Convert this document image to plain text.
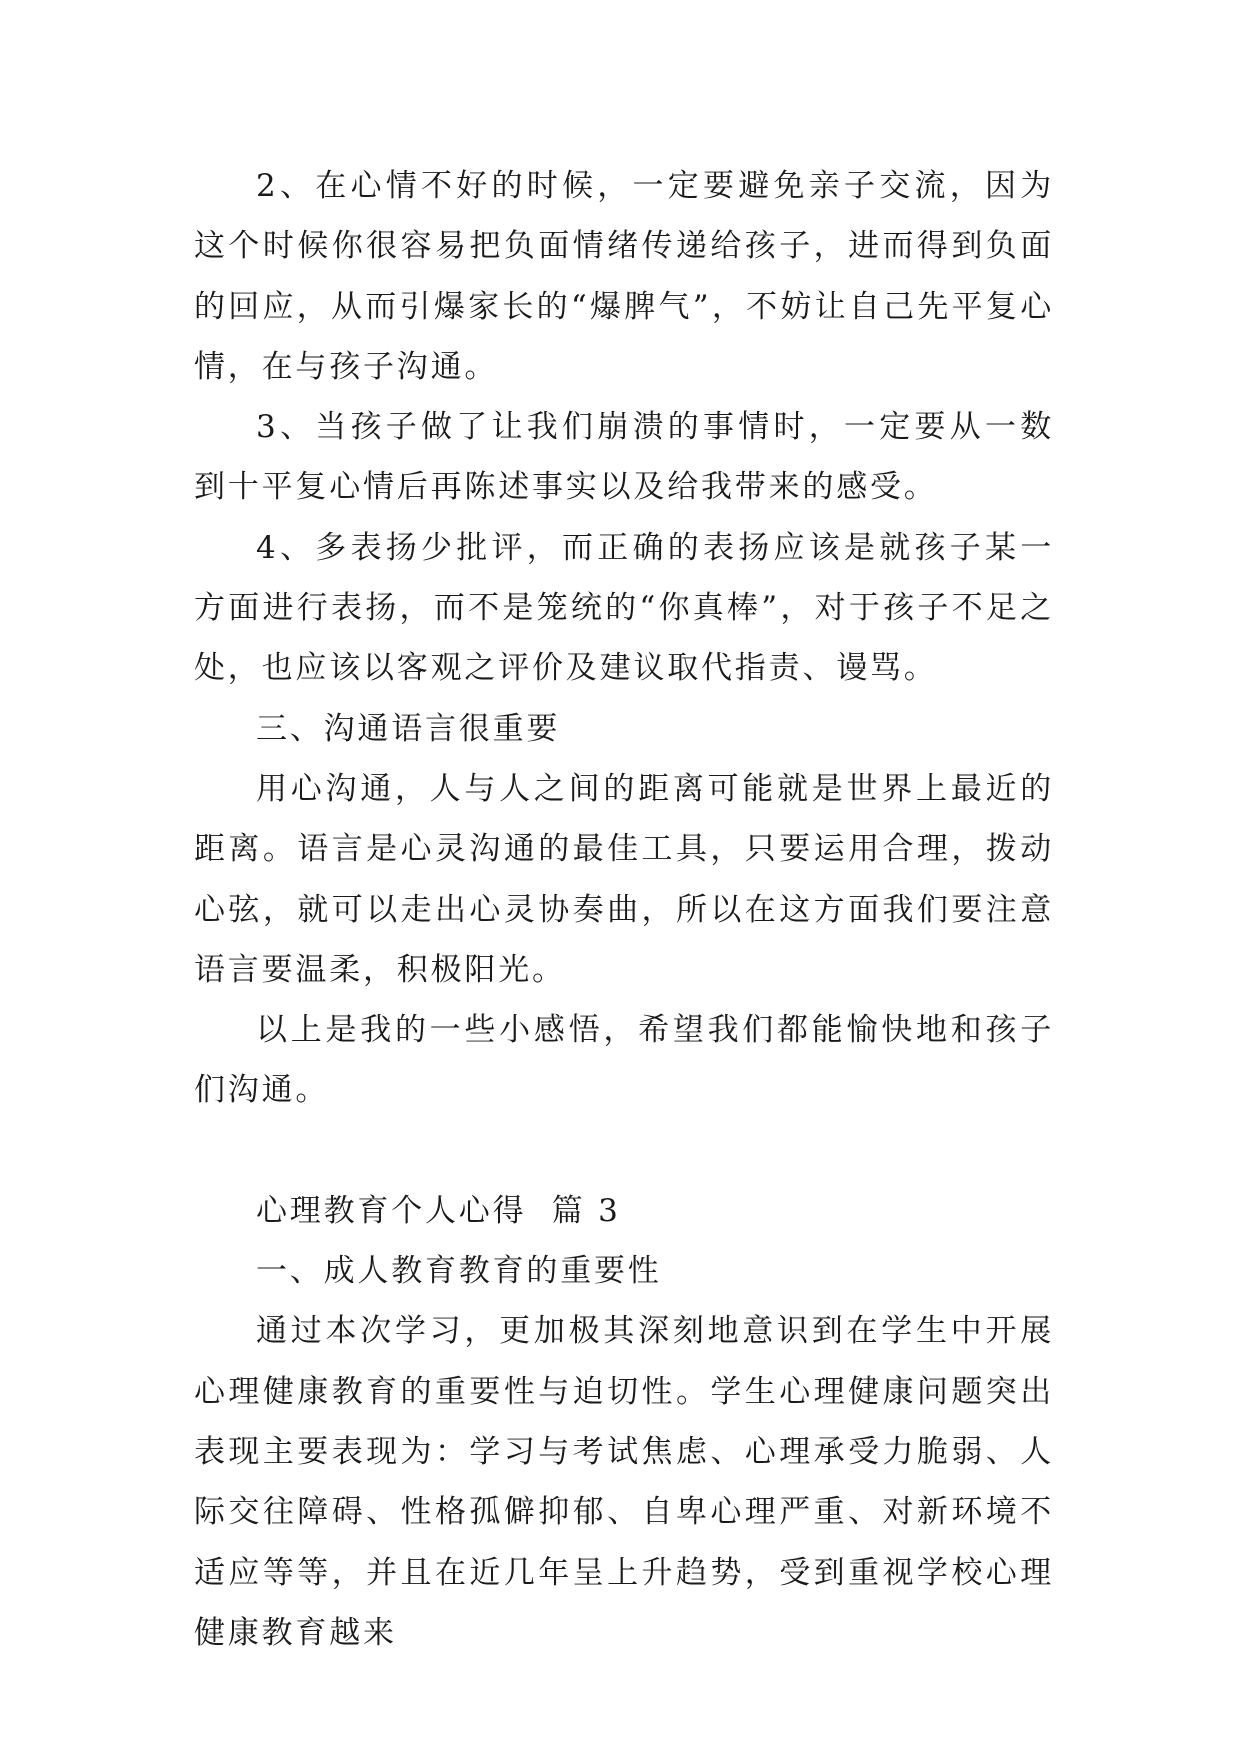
2、在心情不好的时候，一定要避免亲子交流，因为这个时候你很容易把负面情绪传递给孩子，进而得到负面的回应，从而引爆家长的“爆脾气”，不妨让自己先平复心情，在与孩子沟通。

3、当孩子做了让我们崩溃的事情时，一定要从一数到十平复心情后再陈述事实以及给我带来的感受。

4、多表扬少批评，而正确的表扬应该是就孩子某一方面进行表扬，而不是笼统的“你真棒”，对于孩子不足之处，也应该以客观之评价及建议取代指责、谩骂。

三、沟通语言很重要

用心沟通，人与人之间的距离可能就是世界上最近的距离。语言是心灵沟通的最佳工具，只要运用合理，拨动心弦，就可以走出心灵协奏曲，所以在这方面我们要注意语言要温柔，积极阳光。

以上是我的一些小感悟，希望我们都能愉快地和孩子们沟通。

心理教育个人心得  篇 3

一、成人教育教育的重要性

通过本次学习，更加极其深刻地意识到在学生中开展心理健康教育的重要性与迫切性。学生心理健康问题突出表现主要表现为：学习与考试焦虑、心理承受力脆弱、人际交往障碍、性格孤僻抑郁、自卑心理严重、对新环境不适应等等，并且在近几年呈上升趋势，受到重视学校心理健康教育越来
